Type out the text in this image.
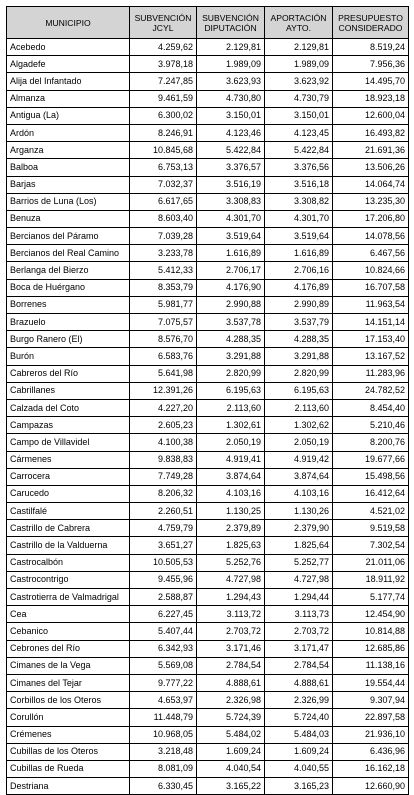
MUNICIPIO	SUBVENCIÓN JCYL	SUBVENCIÓN DIPUTACIÓN	APORTACIÓN AYTO.	PRESUPUESTO CONSIDERADO
Acebedo	4.259,62	2.129,81	2.129,81	8.519,24
Algadefe	3.978,18	1.989,09	1.989,09	7.956,36
Alija del Infantado	7.247,85	3.623,93	3.623,92	14.495,70
Almanza	9.461,59	4.730,80	4.730,79	18.923,18
Antigua (La)	6.300,02	3.150,01	3.150,01	12.600,04
Ardón	8.246,91	4.123,46	4.123,45	16.493,82
Arganza	10.845,68	5.422,84	5.422,84	21.691,36
Balboa	6.753,13	3.376,57	3.376,56	13.506,26
Barjas	7.032,37	3.516,19	3.516,18	14.064,74
Barrios de Luna (Los)	6.617,65	3.308,83	3.308,82	13.235,30
Benuza	8.603,40	4.301,70	4.301,70	17.206,80
Bercianos del Páramo	7.039,28	3.519,64	3.519,64	14.078,56
Bercianos del Real Camino	3.233,78	1.616,89	1.616,89	6.467,56
Berlanga del Bierzo	5.412,33	2.706,17	2.706,16	10.824,66
Boca de Huérgano	8.353,79	4.176,90	4.176,89	16.707,58
Borrenes	5.981,77	2.990,88	2.990,89	11.963,54
Brazuelo	7.075,57	3.537,78	3.537,79	14.151,14
Burgo Ranero (El)	8.576,70	4.288,35	4.288,35	17.153,40
Burón	6.583,76	3.291,88	3.291,88	13.167,52
Cabreros del Río	5.641,98	2.820,99	2.820,99	11.283,96
Cabrillanes	12.391,26	6.195,63	6.195,63	24.782,52
Calzada del Coto	4.227,20	2.113,60	2.113,60	8.454,40
Campazas	2.605,23	1.302,61	1.302,62	5.210,46
Campo de Villavidel	4.100,38	2.050,19	2.050,19	8.200,76
Cármenes	9.838,83	4.919,41	4.919,42	19.677,66
Carrocera	7.749,28	3.874,64	3.874,64	15.498,56
Carucedo	8.206,32	4.103,16	4.103,16	16.412,64
Castilfalé	2.260,51	1.130,25	1.130,26	4.521,02
Castrillo de Cabrera	4.759,79	2.379,89	2.379,90	9.519,58
Castrillo de la Valduerna	3.651,27	1.825,63	1.825,64	7.302,54
Castrocalbón	10.505,53	5.252,76	5.252,77	21.011,06
Castrocontrigo	9.455,96	4.727,98	4.727,98	18.911,92
Castrotierra de Valmadrigal	2.588,87	1.294,43	1.294,44	5.177,74
Cea	6.227,45	3.113,72	3.113,73	12.454,90
Cebanico	5.407,44	2.703,72	2.703,72	10.814,88
Cebrones del Río	6.342,93	3.171,46	3.171,47	12.685,86
Cimanes de la Vega	5.569,08	2.784,54	2.784,54	11.138,16
Cimanes del Tejar	9.777,22	4.888,61	4.888,61	19.554,44
Corbillos de los Oteros	4.653,97	2.326,98	2.326,99	9.307,94
Corullón	11.448,79	5.724,39	5.724,40	22.897,58
Crémenes	10.968,05	5.484,02	5.484,03	21.936,10
Cubillas de los Oteros	3.218,48	1.609,24	1.609,24	6.436,96
Cubillas de Rueda	8.081,09	4.040,54	4.040,55	16.162,18
Destriana	6.330,45	3.165,22	3.165,23	12.660,90
